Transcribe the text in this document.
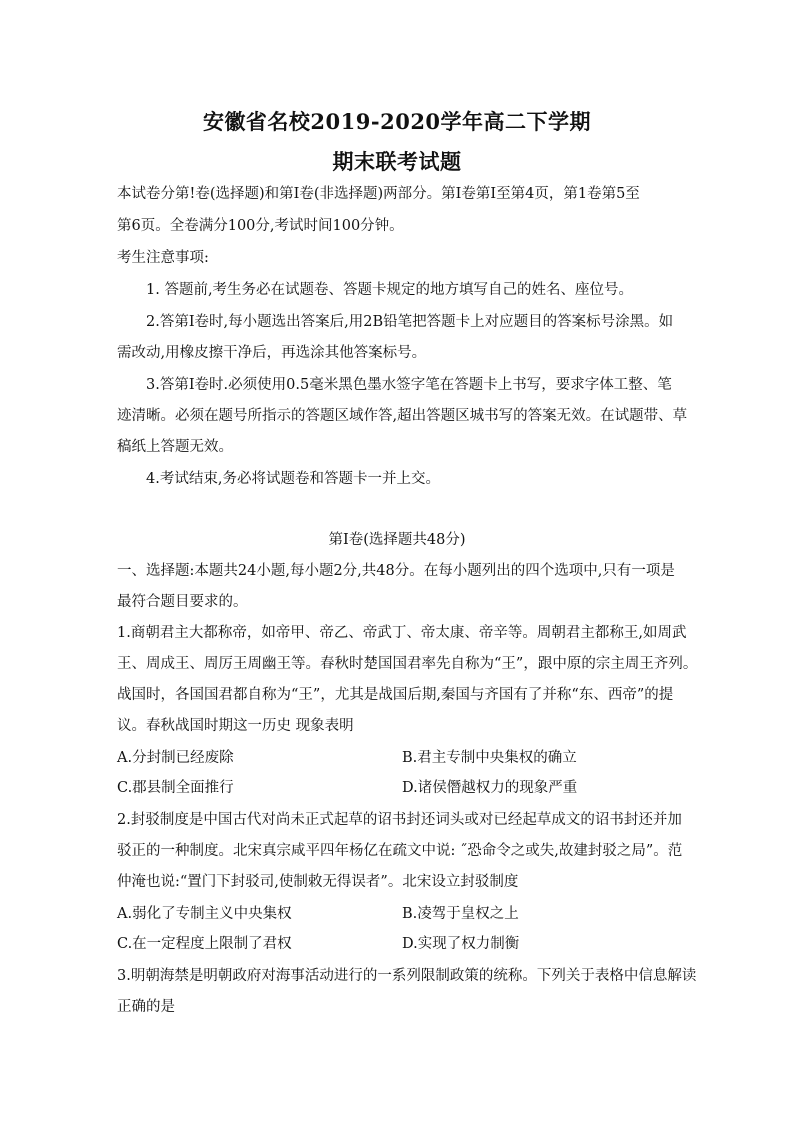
安徽省名校2019-2020学年高二下学期
期末联考试题
本试卷分第!卷(选择题)和第Ⅰ卷(非选择题)两部分。第Ⅰ卷第Ⅰ至第4页，第1卷第5至
第6页。全卷满分100分,考试时间100分钟。
考生注意事项:
1. 答题前,考生务必在试题卷、答题卡规定的地方填写自己的姓名、座位号。
2.答第Ⅰ卷时,每小题选出答案后,用2B铅笔把答题卡上对应题目的答案标号涂黑。如
需改动,用橡皮擦干净后，再选涂其他答案标号。
3.答第Ⅰ卷时.必须使用0.5毫米黑色墨水签字笔在答题卡上书写，要求字体工整、笔
迹清晰。必须在题号所指示的答题区域作答,超出答题区城书写的答案无效。在试题带、草
稿纸上答题无效。
4.考试结束,务必将试题卷和答题卡一并上交。
第Ⅰ卷(选择题共48分)
一、选择题:本题共24小题,每小题2分,共48分。在每小题列出的四个选项中,只有一项是
最符合题目要求的。
1.商朝君主大都称帝，如帝甲、帝乙、帝武丁、帝太康、帝辛等。周朝君主都称王,如周武
王、周成王、周厉王周幽王等。春秋时楚国国君率先自称为“王”，跟中原的宗主周王齐列。
战国时，各国国君都自称为“王”，尤其是战国后期,秦国与齐国有了并称“东、西帝”的提
议。春秋战国时期这一历史 现象表明
A.分封制已经废除	B.君主专制中央集权的确立
C.郡县制全面推行	D.诸侯僭越权力的现象严重
2.封驳制度是中国古代对尚未正式起草的诏书封还词头或对已经起草成文的诏书封还并加
驳正的一种制度。北宋真宗咸平四年杨亿在疏文中说: ˝恐命令之或失,故建封驳之局”。范
仲淹也说:“置门下封驳司,使制敕无得误者”。北宋设立封驳制度
A.弱化了专制主义中央集权	B.凌驾于皇权之上
C.在一定程度上限制了君权	D.实现了权力制衡
3.明朝海禁是明朝政府对海事活动进行的一系列限制政策的统称。下列关于表格中信息解读
正确的是
